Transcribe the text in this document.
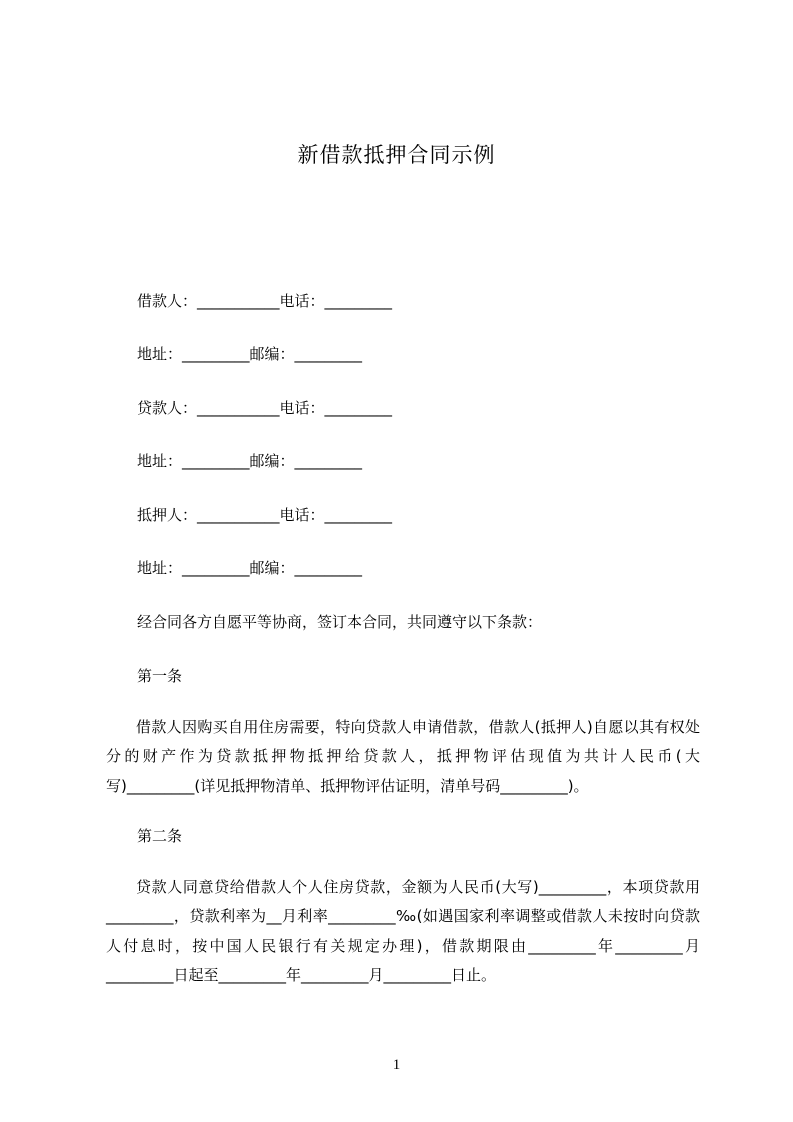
新借款抵押合同示例
借款人：___________电话：_________
地址：_________邮编：_________
贷款人：___________电话：_________
地址：_________邮编：_________
抵押人：___________电话：_________
地址：_________邮编：_________
经合同各方自愿平等协商，签订本合同，共同遵守以下条款：
第一条
借款人因购买自用住房需要，特向贷款人申请借款，借款人(抵押人)自愿以其有权处分的财产作为贷款抵押物抵押给贷款人，抵押物评估现值为共计人民币(大写)_________(详见抵押物清单、抵押物评估证明，清单号码_________)。
第二条
贷款人同意贷给借款人个人住房贷款，金额为人民币(大写)_________，本项贷款用_________，贷款利率为__月利率_________‰(如遇国家利率调整或借款人未按时向贷款人付息时，按中国人民银行有关规定办理)，借款期限由_________年_________月_________日起至_________年_________月_________日止。
1
